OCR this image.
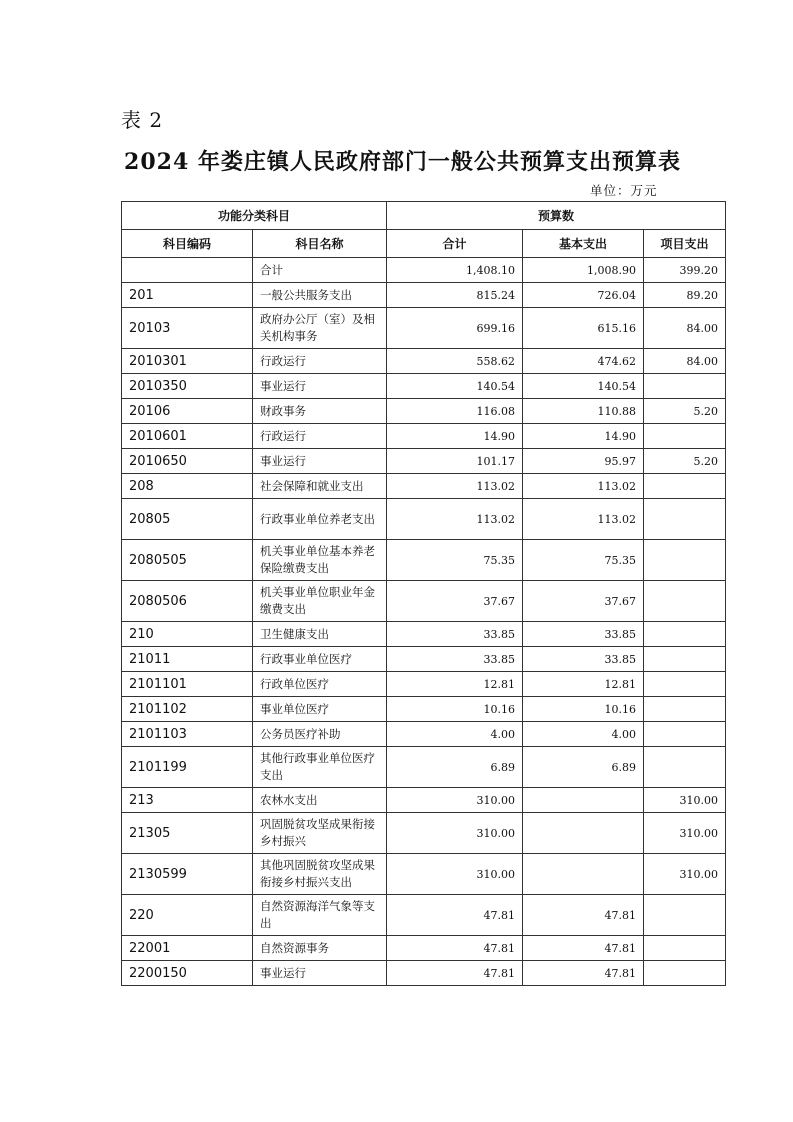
表 2
2024 年娄庄镇人民政府部门一般公共预算支出预算表
单位：万元
功能分类科目		预算数		
科目编码	科目名称	合计	基本支出	项目支出
	合计	1,408.10	1,008.90	399.20
201	一般公共服务支出	815.24	726.04	89.20
20103	政府办公厅（室）及相关机构事务	699.16	615.16	84.00
2010301	行政运行	558.62	474.62	84.00
2010350	事业运行	140.54	140.54	
20106	财政事务	116.08	110.88	5.20
2010601	行政运行	14.90	14.90	
2010650	事业运行	101.17	95.97	5.20
208	社会保障和就业支出	113.02	113.02	
20805	行政事业单位养老支出	113.02	113.02	
2080505	机关事业单位基本养老保险缴费支出	75.35	75.35	
2080506	机关事业单位职业年金缴费支出	37.67	37.67	
210	卫生健康支出	33.85	33.85	
21011	行政事业单位医疗	33.85	33.85	
2101101	行政单位医疗	12.81	12.81	
2101102	事业单位医疗	10.16	10.16	
2101103	公务员医疗补助	4.00	4.00	
2101199	其他行政事业单位医疗支出	6.89	6.89	
213	农林水支出	310.00		310.00
21305	巩固脱贫攻坚成果衔接乡村振兴	310.00		310.00
2130599	其他巩固脱贫攻坚成果衔接乡村振兴支出	310.00		310.00
220	自然资源海洋气象等支出	47.81	47.81	
22001	自然资源事务	47.81	47.81	
2200150	事业运行	47.81	47.81	
